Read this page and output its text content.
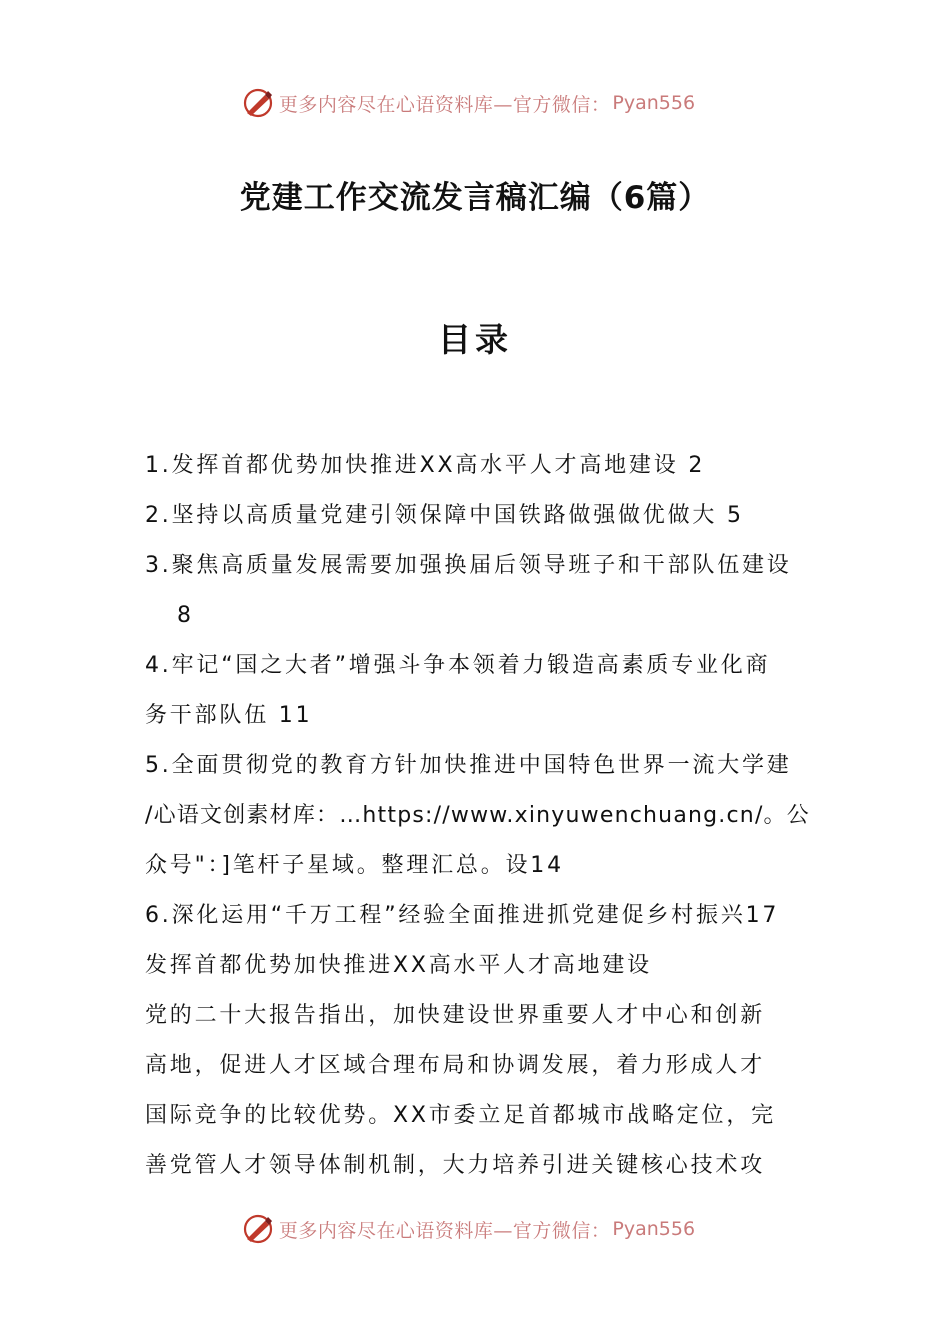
更多内容尽在心语资料库—官方微信： Pyan556
党建工作交流发言稿汇编（6篇）
目录
1.发挥首都优势加快推进XX高水平人才高地建设 2
2.坚持以高质量党建引领保障中国铁路做强做优做大 5
3.聚焦高质量发展需要加强换届后领导班子和干部队伍建设
8
4.牢记“国之大者”增强斗争本领着力锻造高素质专业化商
务干部队伍 11
5.全面贯彻党的教育方针加快推进中国特色世界一流大学建
/心语文创素材库：…https://www.xinyuwenchuang.cn/。公
众号"：]笔杆子星域。整理汇总。设14
6.深化运用“千万工程”经验全面推进抓党建促乡村振兴17
发挥首都优势加快推进XX高水平人才高地建设
党的二十大报告指出，加快建设世界重要人才中心和创新
高地，促进人才区域合理布局和协调发展，着力形成人才
国际竞争的比较优势。XX市委立足首都城市战略定位，完
善党管人才领导体制机制，大力培养引进关键核心技术攻
更多内容尽在心语资料库—官方微信： Pyan556
